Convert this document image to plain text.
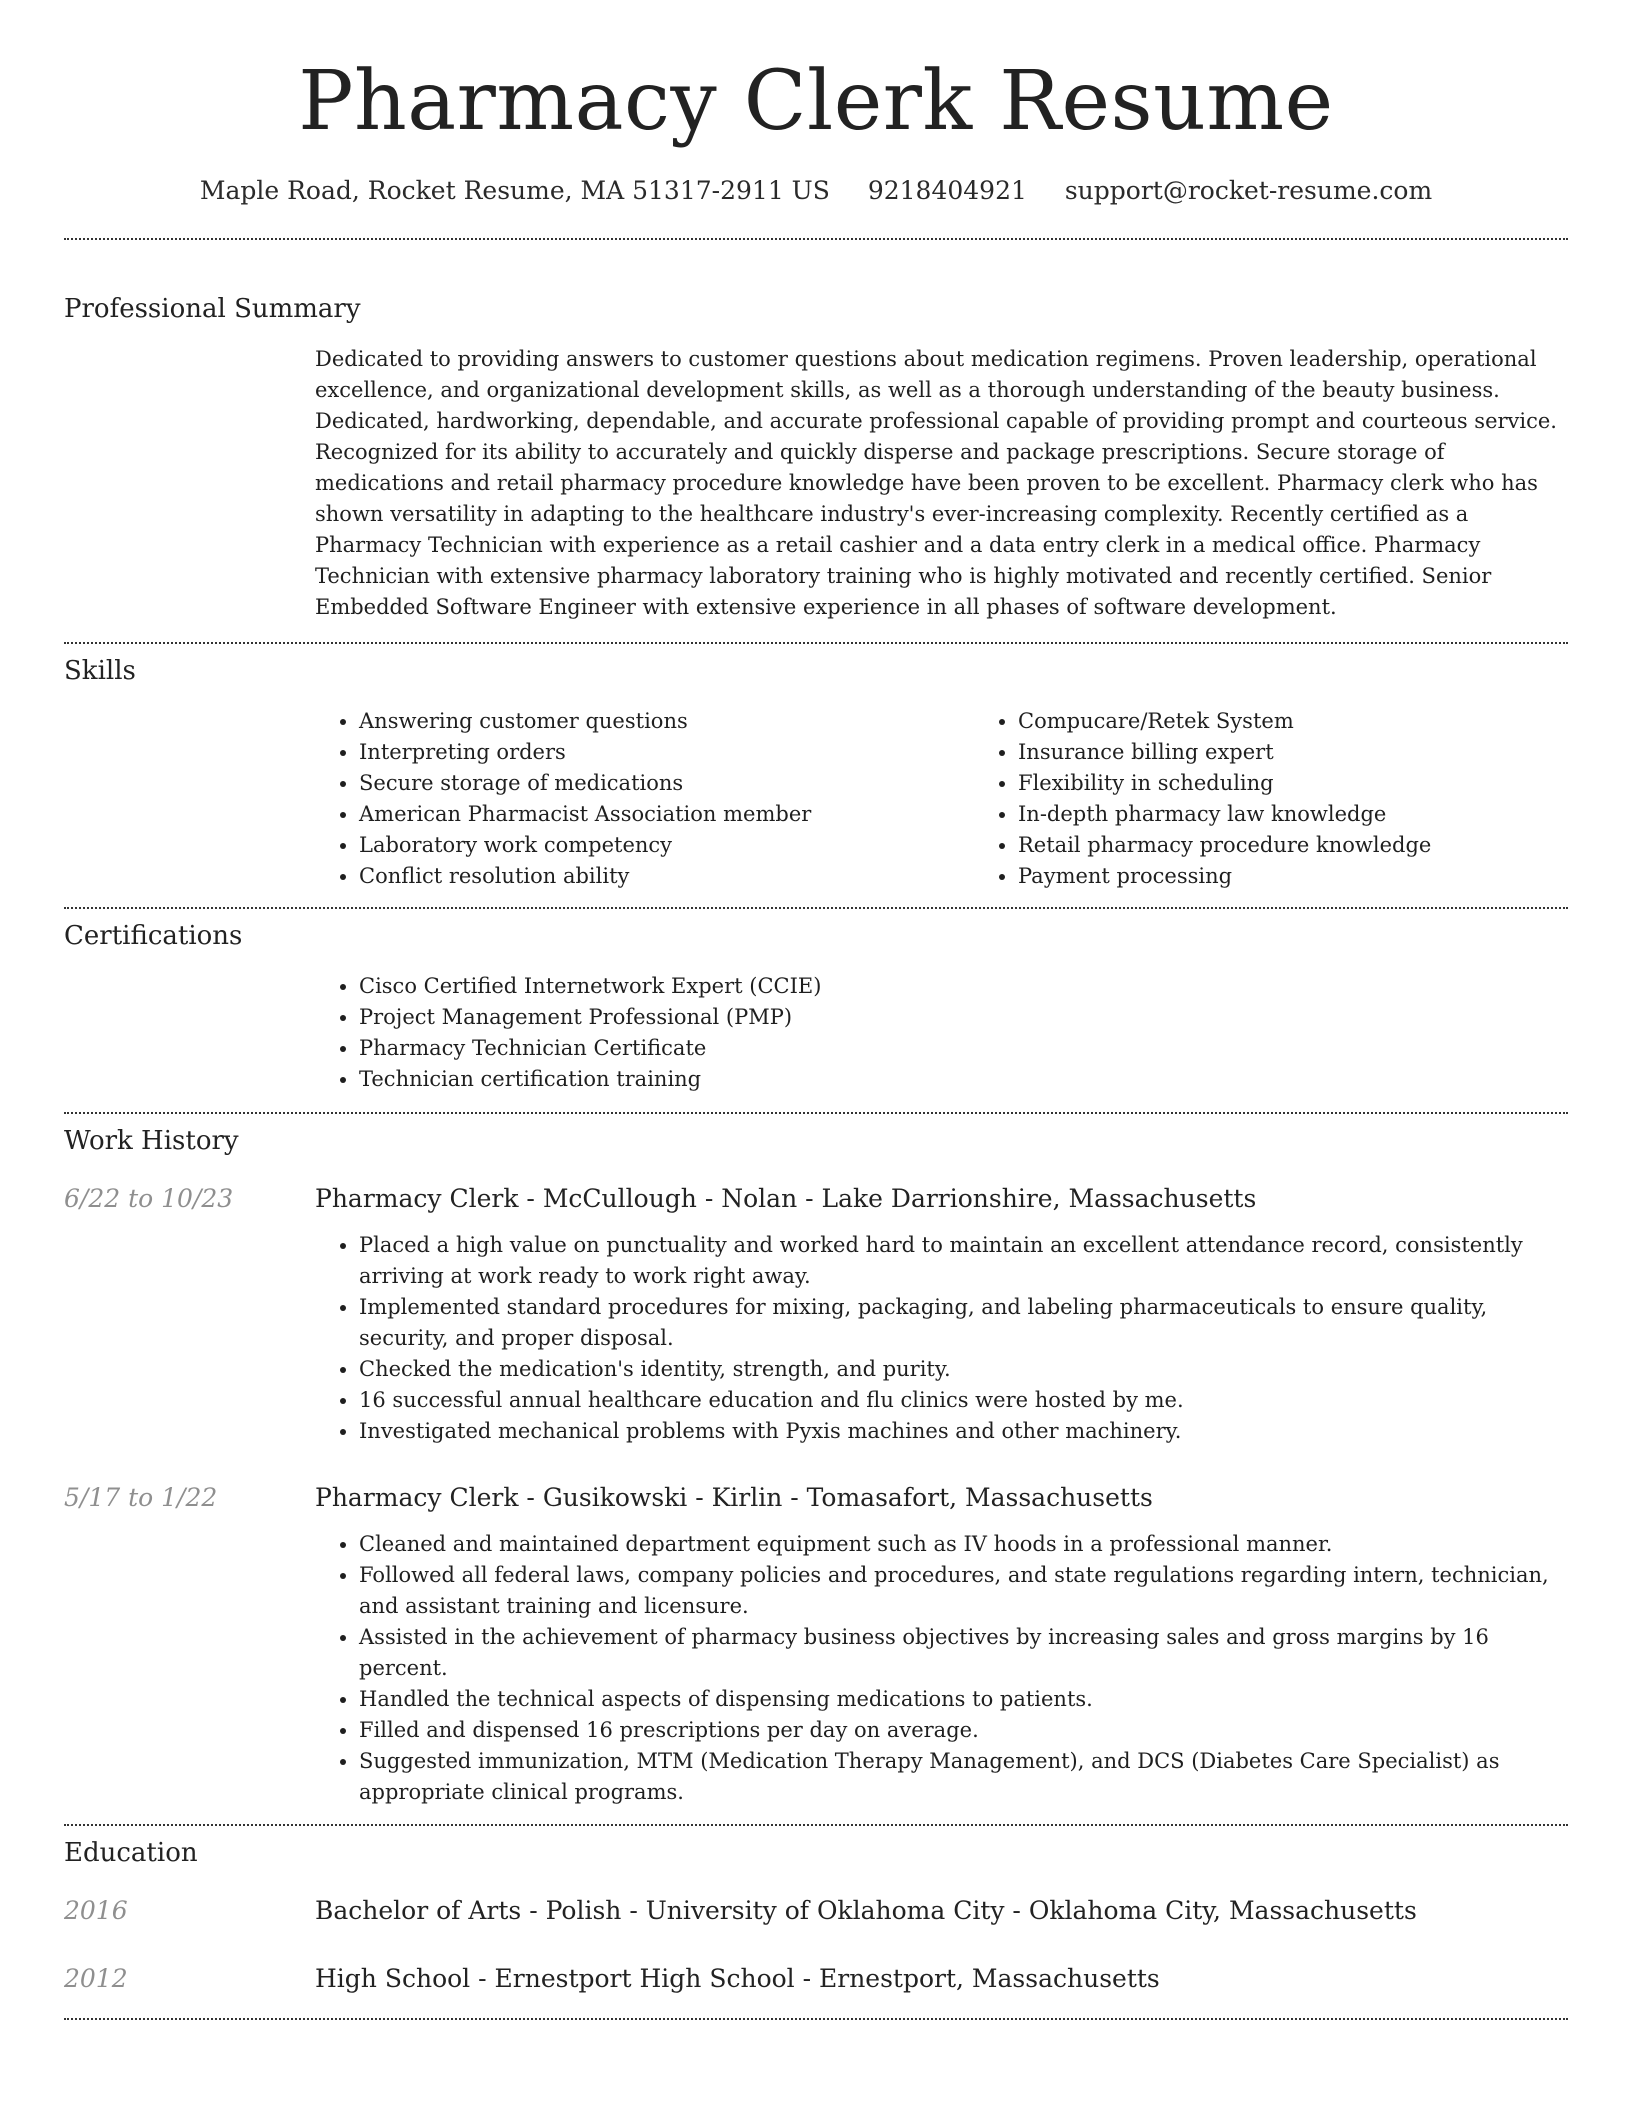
Pharmacy Clerk Resume
Maple Road, Rocket Resume, MA 51317-2911 US 9218404921 support@rocket-resume.com
Professional Summary

Dedicated to providing answers to customer questions about medication regimens. Proven leadership, operational excellence, and organizational development skills, as well as a thorough understanding of the beauty business. Dedicated, hardworking, dependable, and accurate professional capable of providing prompt and courteous service. Recognized for its ability to accurately and quickly disperse and package prescriptions. Secure storage of medications and retail pharmacy procedure knowledge have been proven to be excellent. Pharmacy clerk who has shown versatility in adapting to the healthcare industry's ever-increasing complexity. Recently certified as a Pharmacy Technician with experience as a retail cashier and a data entry clerk in a medical office. Pharmacy Technician with extensive pharmacy laboratory training who is highly motivated and recently certified. Senior Embedded Software Engineer with extensive experience in all phases of software development.

Skills
• Answering customer questions
• Interpreting orders
• Secure storage of medications
• American Pharmacist Association member
• Laboratory work competency
• Conflict resolution ability
• Compucare/Retek System
• Insurance billing expert
• Flexibility in scheduling
• In-depth pharmacy law knowledge
• Retail pharmacy procedure knowledge
• Payment processing
Certifications
• Cisco Certified Internetwork Expert (CCIE)
• Project Management Professional (PMP)
• Pharmacy Technician Certificate
• Technician certification training
Work History
6/22 to 10/23	Pharmacy Clerk - McCullough - Nolan - Lake Darrionshire, Massachusetts
• Placed a high value on punctuality and worked hard to maintain an excellent attendance record, consistently arriving at work ready to work right away.
• Implemented standard procedures for mixing, packaging, and labeling pharmaceuticals to ensure quality, security, and proper disposal.
• Checked the medication's identity, strength, and purity.
• 16 successful annual healthcare education and flu clinics were hosted by me.
• Investigated mechanical problems with Pyxis machines and other machinery.
5/17 to 1/22	Pharmacy Clerk - Gusikowski - Kirlin - Tomasafort, Massachusetts
• Cleaned and maintained department equipment such as IV hoods in a professional manner.
• Followed all federal laws, company policies and procedures, and state regulations regarding intern, technician, and assistant training and licensure.
• Assisted in the achievement of pharmacy business objectives by increasing sales and gross margins by 16 percent.
• Handled the technical aspects of dispensing medications to patients.
• Filled and dispensed 16 prescriptions per day on average.
• Suggested immunization, MTM (Medication Therapy Management), and DCS (Diabetes Care Specialist) as appropriate clinical programs.
Education
2016	Bachelor of Arts - Polish - University of Oklahoma City - Oklahoma City, Massachusetts
2012	High School - Ernestport High School - Ernestport, Massachusetts
